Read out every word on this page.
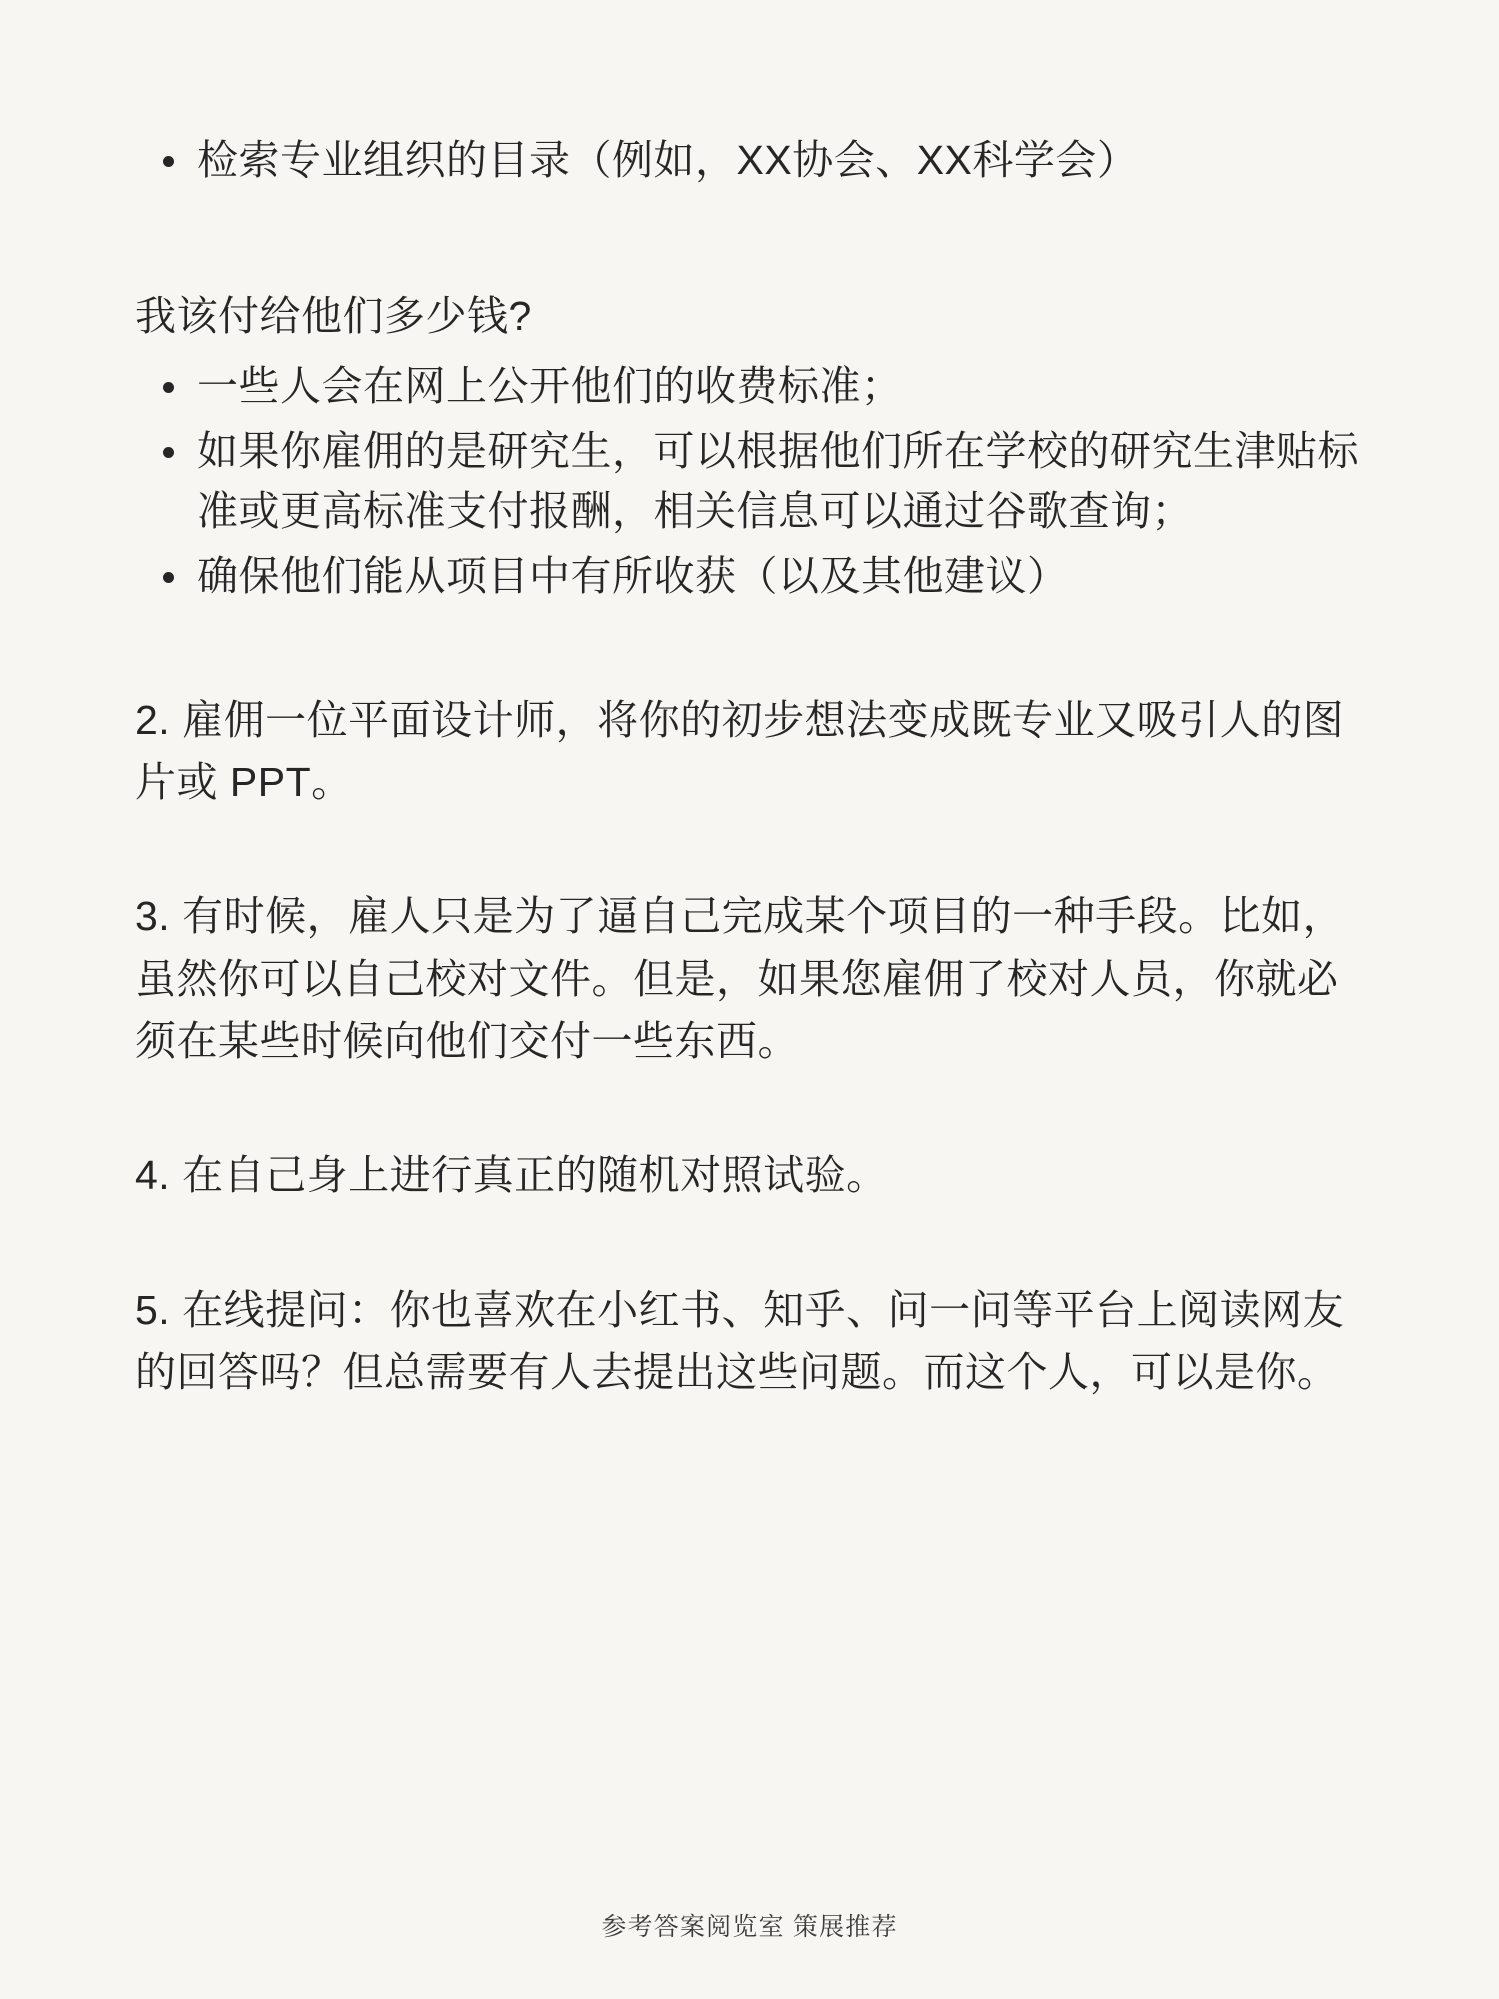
检索专业组织的目录（例如，XX协会、XX科学会）

我该付给他们多少钱?

一些人会在网上公开他们的收费标准；
如果你雇佣的是研究生，可以根据他们所在学校的研究生津贴标准或更高标准支付报酬，相关信息可以通过谷歌查询；
确保他们能从项目中有所收获（以及其他建议）

2. 雇佣一位平面设计师，将你的初步想法变成既专业又吸引人的图片或 PPT。

3. 有时候，雇人只是为了逼自己完成某个项目的一种手段。比如，虽然你可以自己校对文件。但是，如果您雇佣了校对人员，你就必须在某些时候向他们交付一些东西。

4. 在自己身上进行真正的随机对照试验。

5. 在线提问：你也喜欢在小红书、知乎、问一问等平台上阅读网友的回答吗？但总需要有人去提出这些问题。而这个人，可以是你。

参考答案阅览室 策展推荐
